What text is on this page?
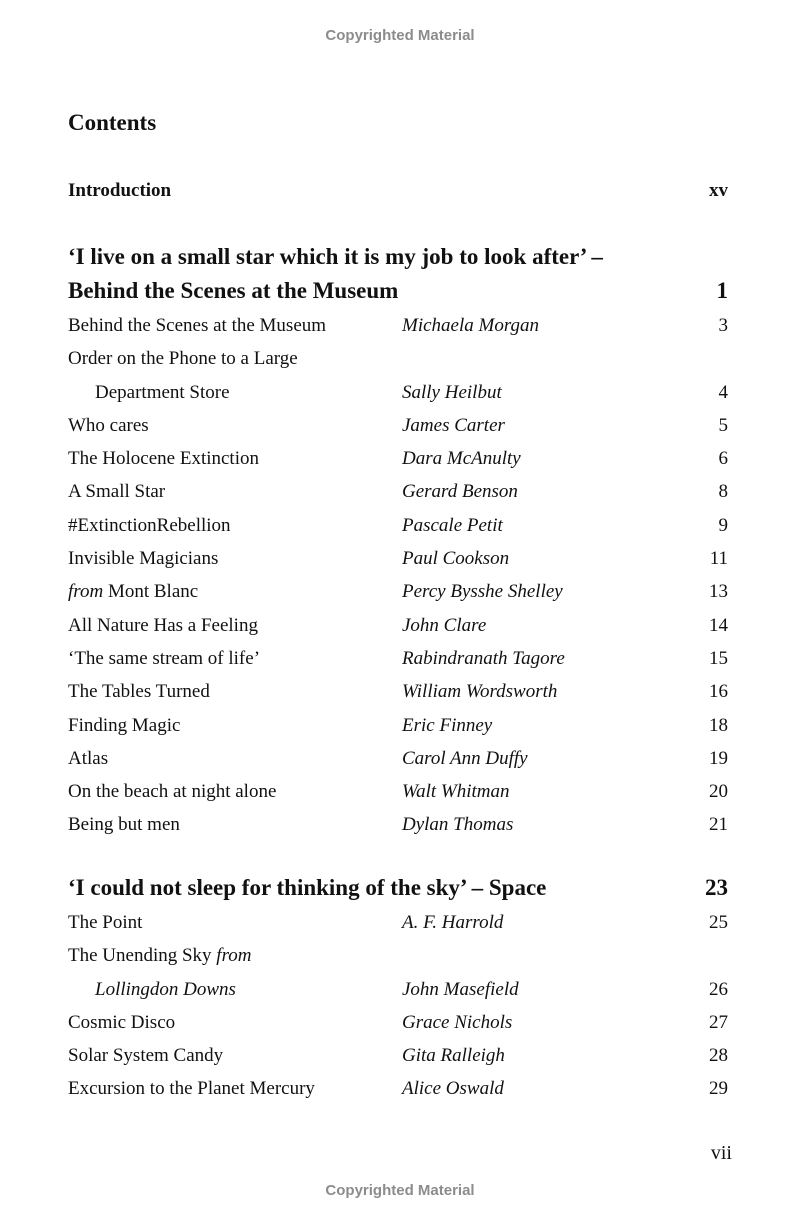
Copyrighted Material
Contents
Introduction	xv
‘I live on a small star which it is my job to look after’ –
Behind the Scenes at the Museum	1
Behind the Scenes at the Museum	Michaela Morgan	3
Order on the Phone to a Large
Department Store	Sally Heilbut	4
Who cares	James Carter	5
The Holocene Extinction	Dara McAnulty	6
A Small Star	Gerard Benson	8
#ExtinctionRebellion	Pascale Petit	9
Invisible Magicians	Paul Cookson	11
from Mont Blanc	Percy Bysshe Shelley	13
All Nature Has a Feeling	John Clare	14
‘The same stream of life’	Rabindranath Tagore	15
The Tables Turned	William Wordsworth	16
Finding Magic	Eric Finney	18
Atlas	Carol Ann Duffy	19
On the beach at night alone	Walt Whitman	20
Being but men	Dylan Thomas	21
‘I could not sleep for thinking of the sky’ – Space	23
The Point	A. F. Harrold	25
The Unending Sky from
Lollingdon Downs	John Masefield	26
Cosmic Disco	Grace Nichols	27
Solar System Candy	Gita Ralleigh	28
Excursion to the Planet Mercury	Alice Oswald	29
vii
Copyrighted Material
